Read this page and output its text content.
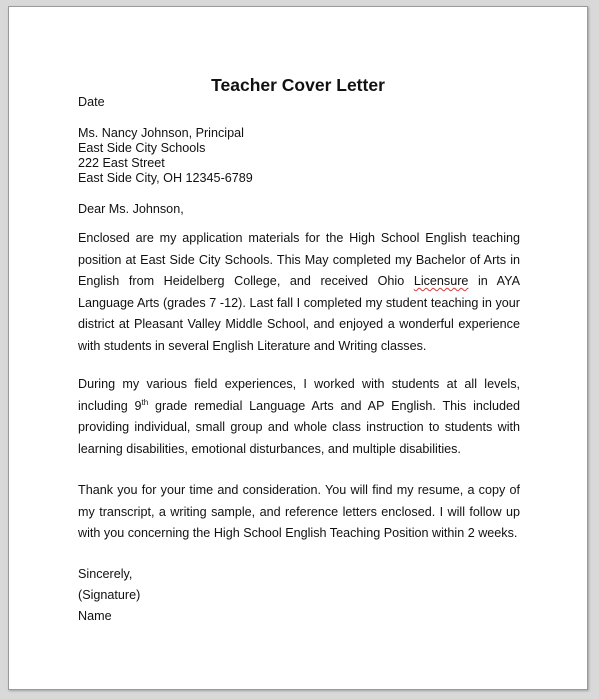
Teacher Cover Letter
Date
Ms. Nancy Johnson, Principal
East Side City Schools
222 East Street
East Side City, OH 12345-6789
Dear Ms. Johnson,
Enclosed are my application materials for the High School English teaching
position at East Side City Schools. This May completed my Bachelor of Arts in
English from Heidelberg College, and received Ohio Licensure in AYA
Language Arts (grades 7 -12). Last fall I completed my student teaching in your
district at Pleasant Valley Middle School, and enjoyed a wonderful experience
with students in several English Literature and Writing classes.
During my various field experiences, I worked with students at all levels,
including 9th grade remedial Language Arts and AP English. This included
providing individual, small group and whole class instruction to students with
learning disabilities, emotional disturbances, and multiple disabilities.
Thank you for your time and consideration. You will find my resume, a copy of
my transcript, a writing sample, and reference letters enclosed. I will follow up
with you concerning the High School English Teaching Position within 2 weeks.
Sincerely,
(Signature)
Name
